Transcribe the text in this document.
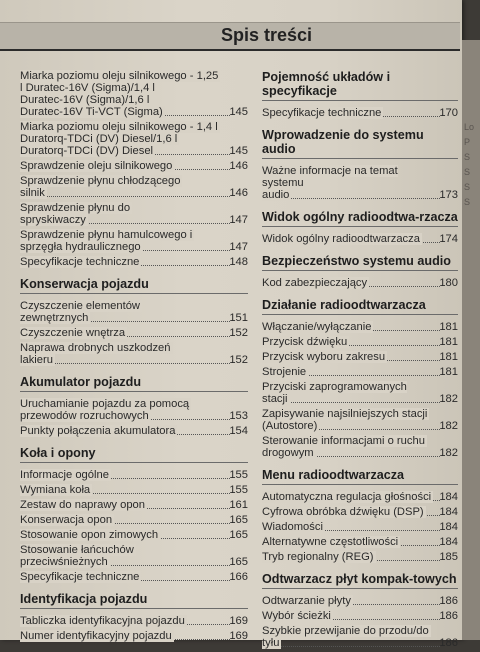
Spis treści
Miarka poziomu oleju silnikowego - 1,25
l Duratec-16V (Sigma)/1,4 l
Duratec-16V (Sigma)/1,6 l
Duratec-16V Ti-VCT (Sigma)	145
Miarka poziomu oleju silnikowego - 1,4 l
Duratorq-TDCi (DV) Diesel/1,6 l
Duratorq-TDCi (DV) Diesel	145
Sprawdzenie oleju silnikowego	146
Sprawdzenie płynu chłodzącego
silnik	146
Sprawdzenie płynu do
spryskiwaczy	147
Sprawdzenie płynu hamulcowego i
sprzęgła hydraulicznego	147
Specyfikacje techniczne	148
Konserwacja pojazdu
Czyszczenie elementów
zewnętrznych	151
Czyszczenie wnętrza	152
Naprawa drobnych uszkodzeń
lakieru	152
Akumulator pojazdu
Uruchamianie pojazdu za pomocą
przewodów rozruchowych	153
Punkty połączenia akumulatora	154
Koła i opony
Informacje ogólne	155
Wymiana koła	155
Zestaw do naprawy opon	161
Konserwacja opon	165
Stosowanie opon zimowych	165
Stosowanie łańcuchów
przeciwśnieżnych	165
Specyfikacje techniczne	166
Identyfikacja pojazdu
Tabliczka identyfikacyjna pojazdu	169
Numer identyfikacyjny pojazdu	169
Pojemność układów i specyfikacje
Specyfikacje techniczne	170
Wprowadzenie do systemu audio
Ważne informacje na temat systemu
audio	173
Widok ogólny radioodtwa-rzacza
Widok ogólny radioodtwarzacza	174
Bezpieczeństwo systemu audio
Kod zabezpieczający	180
Działanie radioodtwarzacza
Włączanie/wyłączanie	181
Przycisk dźwięku	181
Przycisk wyboru zakresu	181
Strojenie	181
Przyciski zaprogramowanych stacji	182
Zapisywanie najsilniejszych stacji
(Autostore)	182
Sterowanie informacjami o ruchu
drogowym	182
Menu radioodtwarzacza
Automatyczna regulacja głośności 184
Cyfrowa obróbka dźwięku (DSP)	184
Wiadomości	184
Alternatywne częstotliwości	184
Tryb regionalny (REG)	185
Odtwarzacz płyt kompak-towych
Odtwarzanie płyty	186
Wybór ścieżki	186
Szybkie przewijanie do przodu/do
tyłu	186
Lo
P
S
S
S
S
